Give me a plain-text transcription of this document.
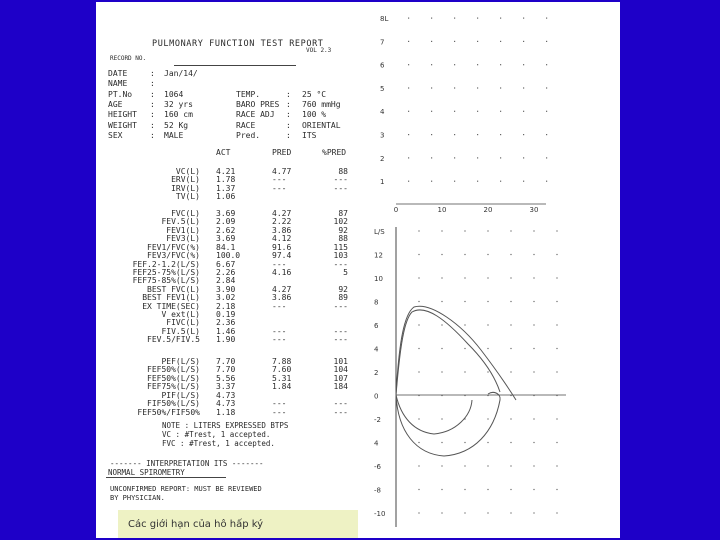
PULMONARY FUNCTION TEST REPORT
VOL 2.3
RECORD NO.
DATE	: Jan/14/
NAME	:
PT.No : 1064	TEMP.	: 25 °C
AGE	: 32 yrs	BARO PRES : 760 mmHg
HEIGHT : 160 cm	RACE ADJ : 100 %
WEIGHT : 52 Kg	RACE	: ORIENTAL
SEX	: MALE	Pred.	: ITS
ACT	PRED	%PRED
VC(L) 4.21	4.77	88
ERV(L) 1.78	---	---
IRV(L) 1.37	---	---
TV(L) 1.06
FVC(L) 3.69	4.27	87
FEV.5(L) 2.09	2.22	102
FEV1(L) 2.62	3.86	92
FEV3(L) 3.69	4.12	88
FEV1/FVC(%) 84.1	91.6	115
FEV3/FVC(%) 100.0	97.4	103
FEF.2-1.2(L/S) 6.67	---	---
FEF25-75%(L/S) 2.26	4.16	5
FEF75-85%(L/S) 2.84
BEST FVC(L) 3.90	4.27	92
BEST FEV1(L) 3.02	3.86	89
EX TIME(SEC) 2.18	---	---
V ext(L) 0.19
FIVC(L) 2.36
FIV.5(L) 1.46	---	---
FEV.5/FIV.5 1.90	---	---
PEF(L/S) 7.70	7.88	101
FEF50%(L/S) 7.70	7.60	104
FEF50%(L/S) 5.56	5.31	107
FEF75%(L/S) 3.37	1.84	184
PIF(L/S) 4.73
FIF50%(L/S) 4.73	---	---
FEF50%/FIF50% 1.18	---	---
NOTE : LITERS EXPRESSED BTPS
VC : #Trest, 1 accepted.
FVC : #Trest, 1 accepted.
------- INTERPRETATION ITS -------
NORMAL SPIROMETRY
UNCONFIRMED REPORT: MUST BE REVIEWED
BY PHYSICIAN.
8L
7
6
5
4
3
2
1
0	10	20	30
L/S
12
10
8
6
4
2
0
-2
4
-6
-8
-10
Các giới hạn của hô hấp ký
